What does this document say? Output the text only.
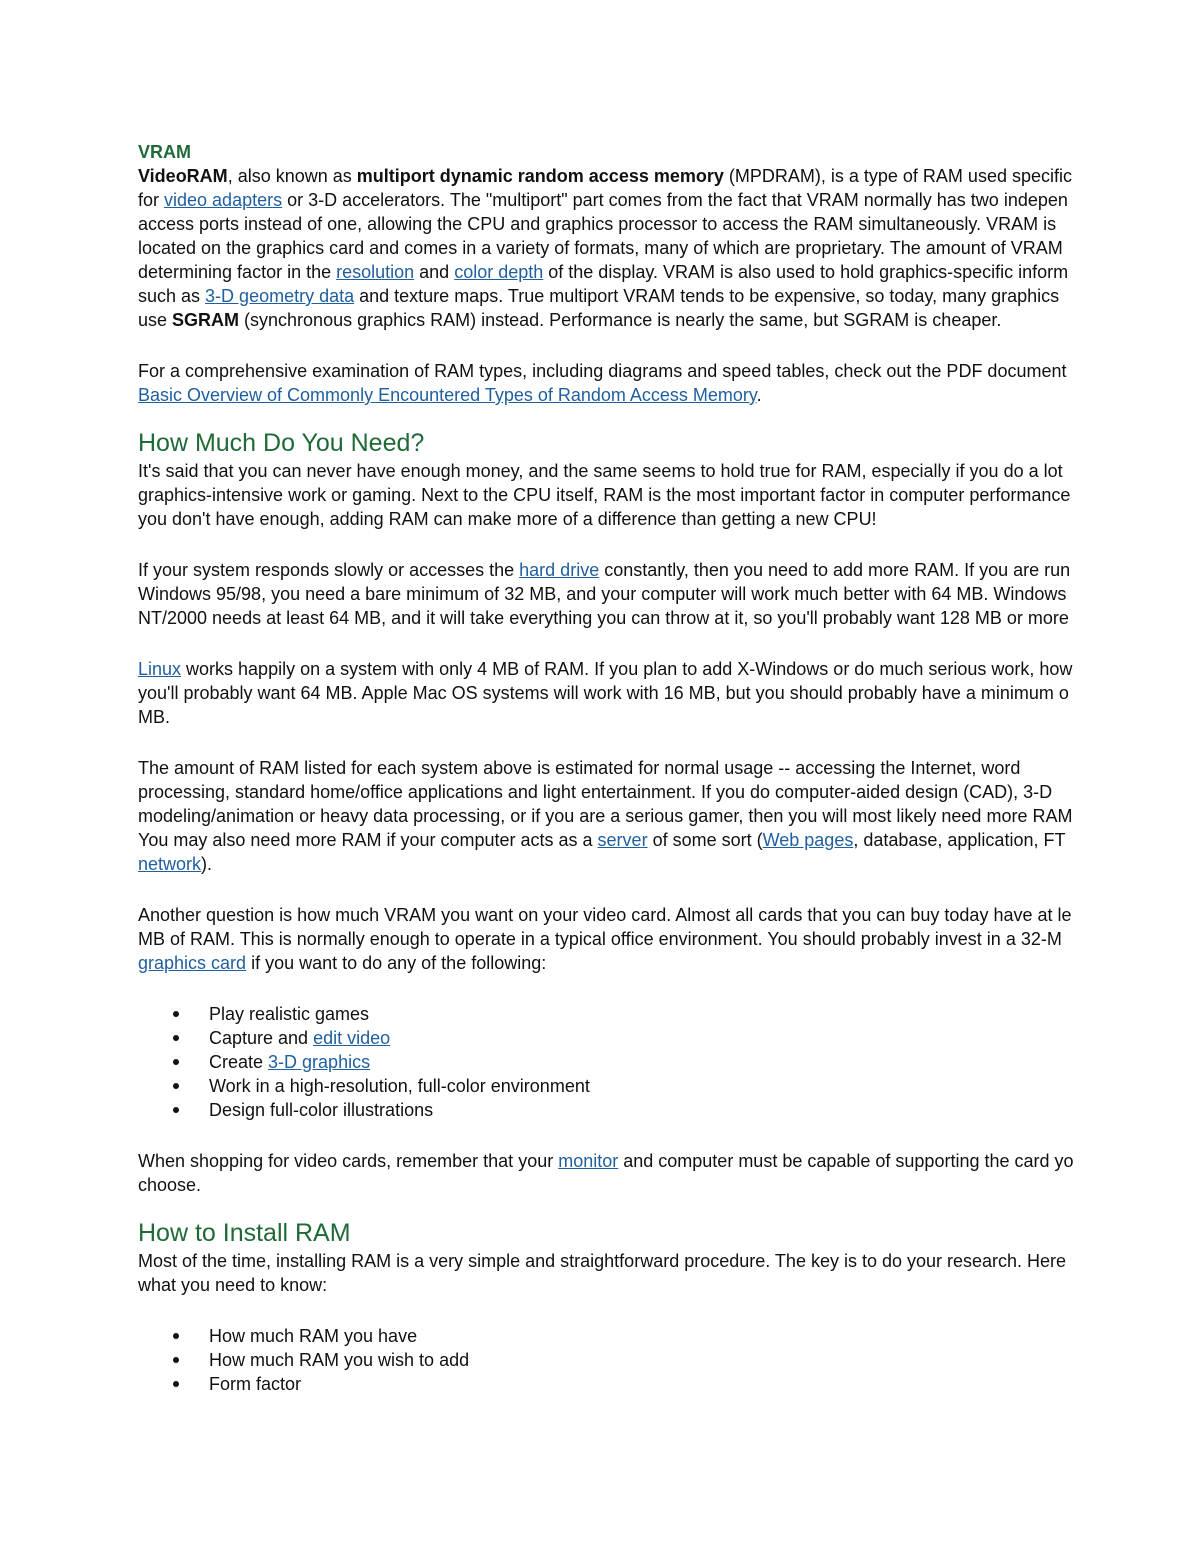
VRAM
VideoRAM, also known as multiport dynamic random access memory (MPDRAM), is a type of RAM used specific
for video adapters or 3-D accelerators. The "multiport" part comes from the fact that VRAM normally has two indepen
access ports instead of one, allowing the CPU and graphics processor to access the RAM simultaneously. VRAM is
located on the graphics card and comes in a variety of formats, many of which are proprietary. The amount of VRAM
determining factor in the resolution and color depth of the display. VRAM is also used to hold graphics-specific inform
such as 3-D geometry data and texture maps. True multiport VRAM tends to be expensive, so today, many graphics
use SGRAM (synchronous graphics RAM) instead. Performance is nearly the same, but SGRAM is cheaper.
For a comprehensive examination of RAM types, including diagrams and speed tables, check out the PDF document
Basic Overview of Commonly Encountered Types of Random Access Memory.
How Much Do You Need?
It's said that you can never have enough money, and the same seems to hold true for RAM, especially if you do a lot
graphics-intensive work or gaming. Next to the CPU itself, RAM is the most important factor in computer performance
you don't have enough, adding RAM can make more of a difference than getting a new CPU!
If your system responds slowly or accesses the hard drive constantly, then you need to add more RAM. If you are run
Windows 95/98, you need a bare minimum of 32 MB, and your computer will work much better with 64 MB. Windows
NT/2000 needs at least 64 MB, and it will take everything you can throw at it, so you'll probably want 128 MB or more
Linux works happily on a system with only 4 MB of RAM. If you plan to add X-Windows or do much serious work, how
you'll probably want 64 MB. Apple Mac OS systems will work with 16 MB, but you should probably have a minimum o
MB.
The amount of RAM listed for each system above is estimated for normal usage -- accessing the Internet, word
processing, standard home/office applications and light entertainment. If you do computer-aided design (CAD), 3-D
modeling/animation or heavy data processing, or if you are a serious gamer, then you will most likely need more RAM
You may also need more RAM if your computer acts as a server of some sort (Web pages, database, application, FT
network).
Another question is how much VRAM you want on your video card. Almost all cards that you can buy today have at le
MB of RAM. This is normally enough to operate in a typical office environment. You should probably invest in a 32-M
graphics card if you want to do any of the following:
Play realistic games
Capture and edit video
Create 3-D graphics
Work in a high-resolution, full-color environment
Design full-color illustrations
When shopping for video cards, remember that your monitor and computer must be capable of supporting the card yo
choose.
How to Install RAM
Most of the time, installing RAM is a very simple and straightforward procedure. The key is to do your research. Here
what you need to know:
How much RAM you have
How much RAM you wish to add
Form factor
